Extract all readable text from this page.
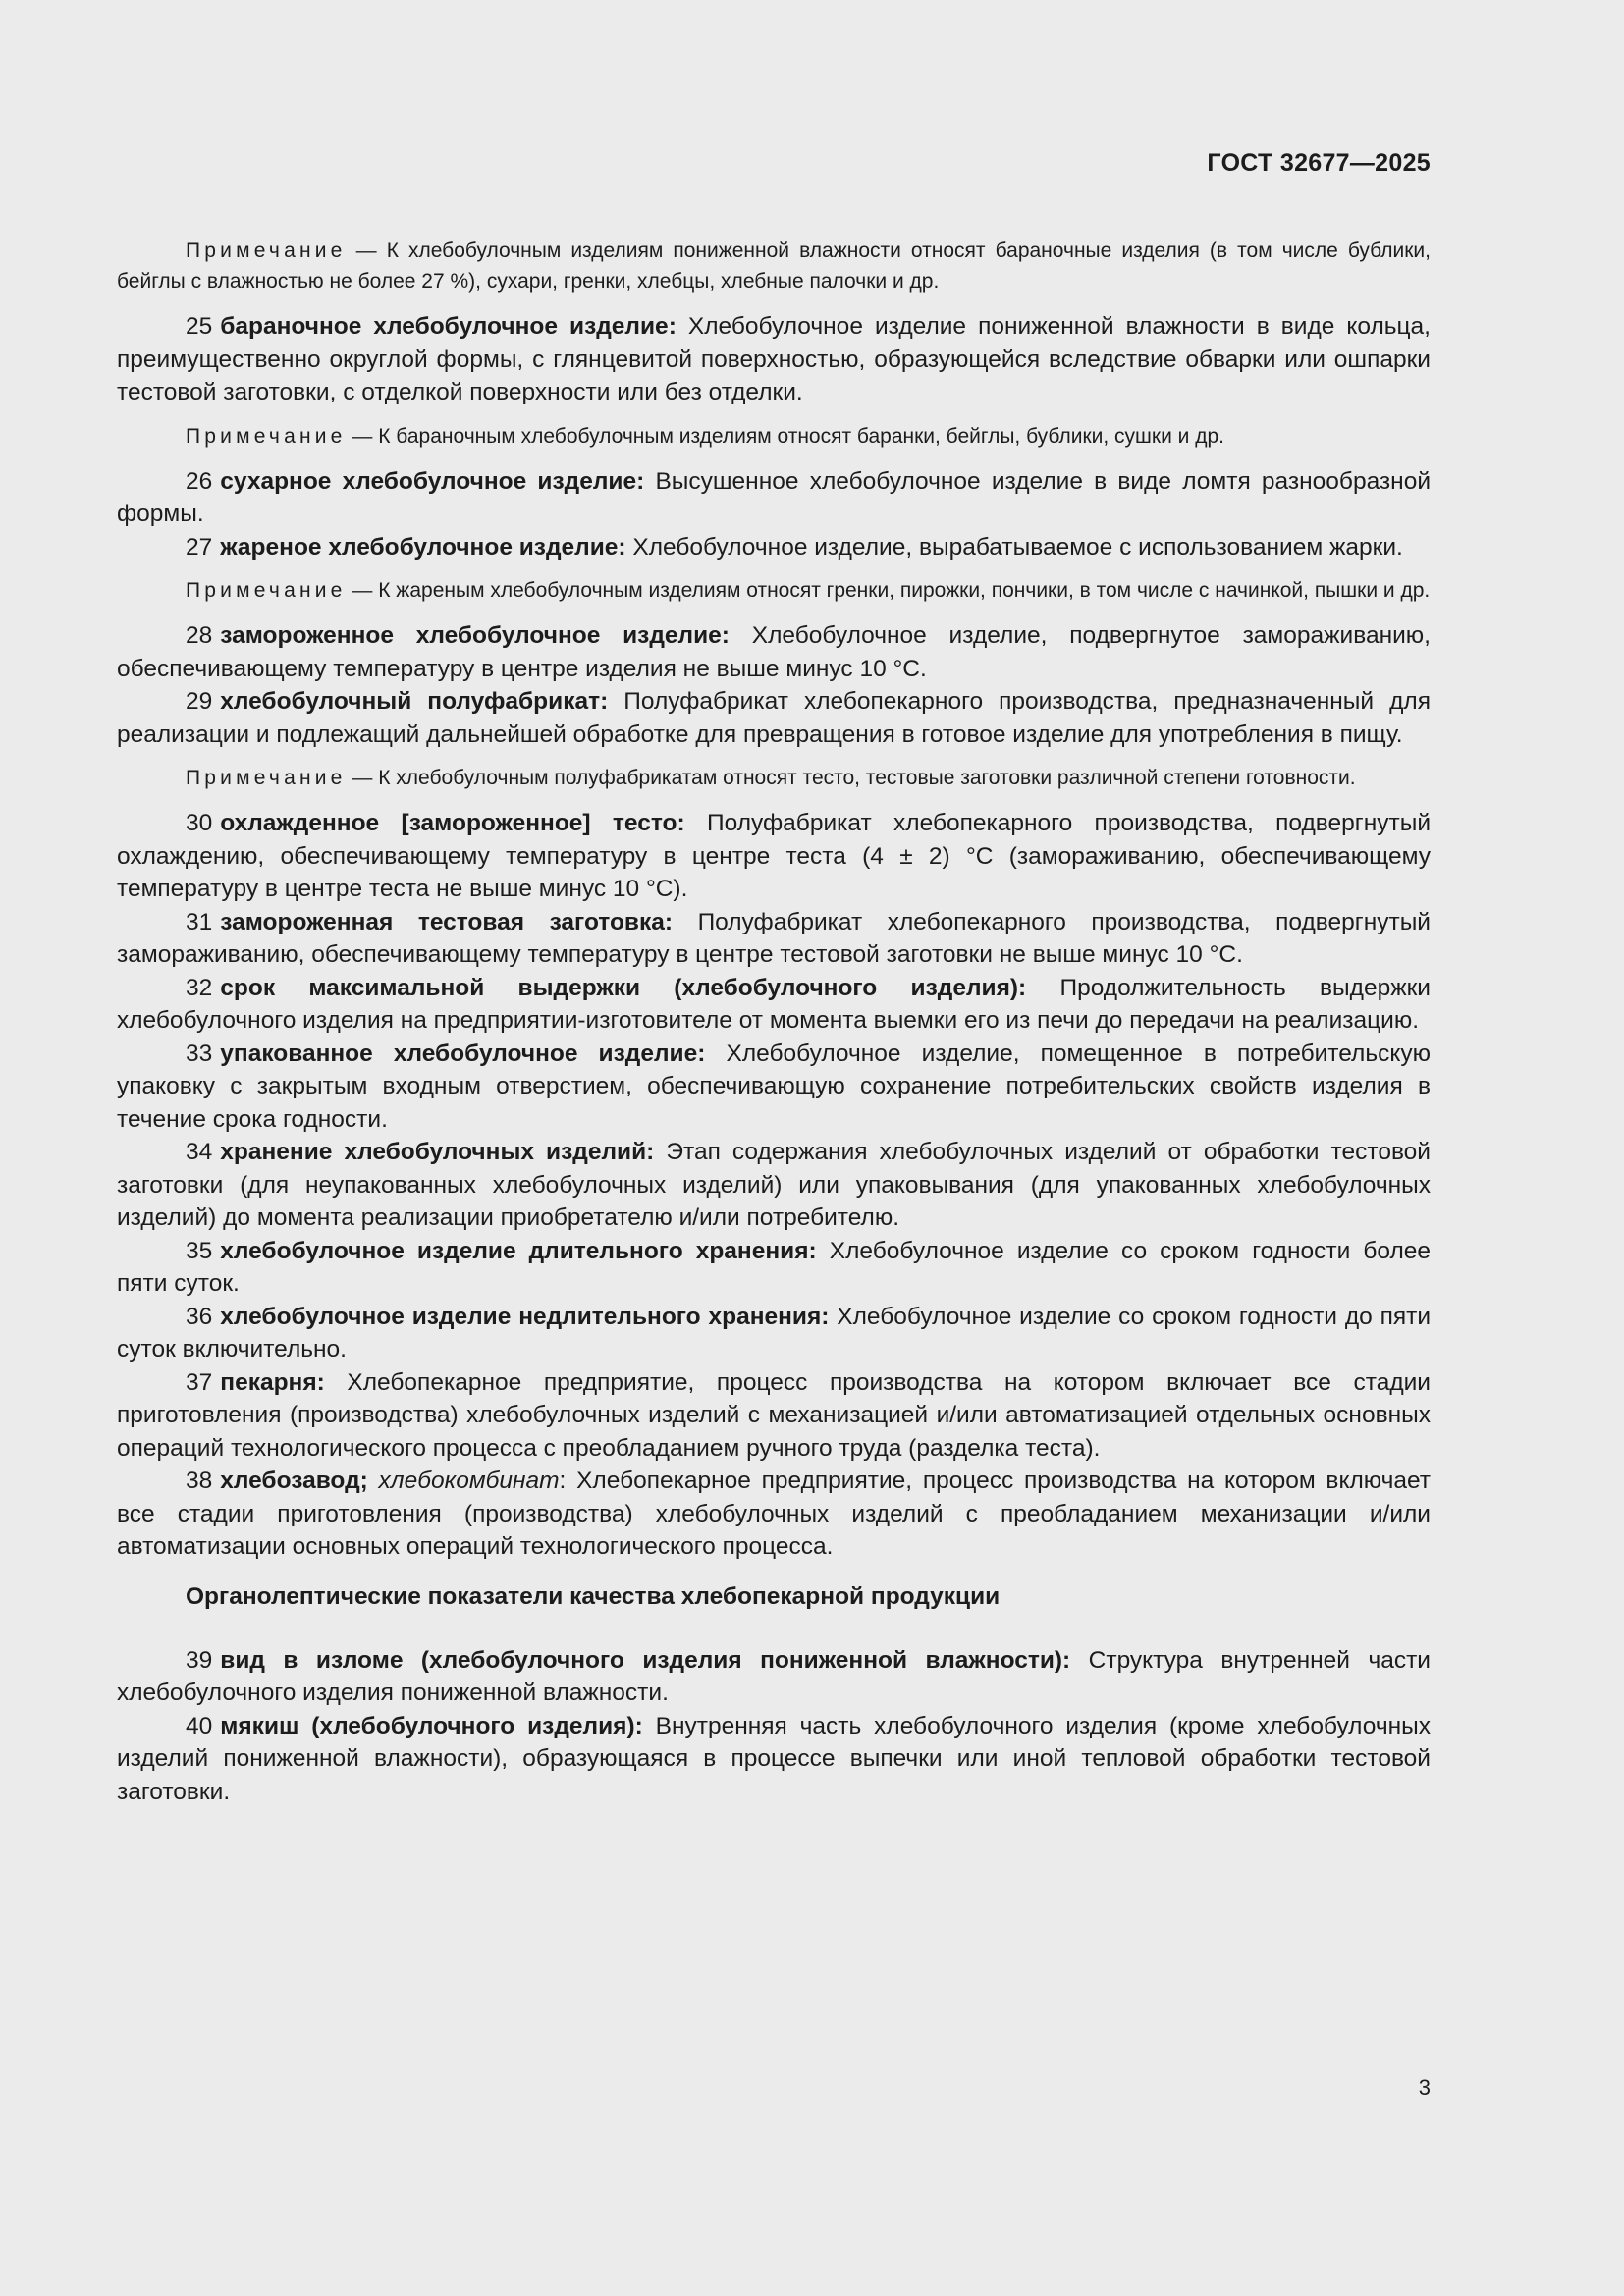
ГОСТ 32677—2025

Примечание — К хлебобулочным изделиям пониженной влажности относят бараночные изделия (в том числе бублики, бейглы с влажностью не более 27 %), сухари, гренки, хлебцы, хлебные палочки и др.

25 бараночное хлебобулочное изделие: Хлебобулочное изделие пониженной влажности в виде кольца, преимущественно округлой формы, с глянцевитой поверхностью, образующейся вследствие обварки или ошпарки тестовой заготовки, с отделкой поверхности или без отделки.

Примечание — К бараночным хлебобулочным изделиям относят баранки, бейглы, бублики, сушки и др.

26 сухарное хлебобулочное изделие: Высушенное хлебобулочное изделие в виде ломтя разнообразной формы.

27 жареное хлебобулочное изделие: Хлебобулочное изделие, вырабатываемое с использованием жарки.

Примечание — К жареным хлебобулочным изделиям относят гренки, пирожки, пончики, в том числе с начинкой, пышки и др.

28 замороженное хлебобулочное изделие: Хлебобулочное изделие, подвергнутое замораживанию, обеспечивающему температуру в центре изделия не выше минус 10 °С.

29 хлебобулочный полуфабрикат: Полуфабрикат хлебопекарного производства, предназначенный для реализации и подлежащий дальнейшей обработке для превращения в готовое изделие для употребления в пищу.

Примечание — К хлебобулочным полуфабрикатам относят тесто, тестовые заготовки различной степени готовности.

30 охлажденное [замороженное] тесто: Полуфабрикат хлебопекарного производства, подвергнутый охлаждению, обеспечивающему температуру в центре теста (4 ± 2) °С (замораживанию, обеспечивающему температуру в центре теста не выше минус 10 °С).

31 замороженная тестовая заготовка: Полуфабрикат хлебопекарного производства, подвергнутый замораживанию, обеспечивающему температуру в центре тестовой заготовки не выше минус 10 °С.

32 срок максимальной выдержки (хлебобулочного изделия): Продолжительность выдержки хлебобулочного изделия на предприятии-изготовителе от момента выемки его из печи до передачи на реализацию.

33 упакованное хлебобулочное изделие: Хлебобулочное изделие, помещенное в потребительскую упаковку с закрытым входным отверстием, обеспечивающую сохранение потребительских свойств изделия в течение срока годности.

34 хранение хлебобулочных изделий: Этап содержания хлебобулочных изделий от обработки тестовой заготовки (для неупакованных хлебобулочных изделий) или упаковывания (для упакованных хлебобулочных изделий) до момента реализации приобретателю и/или потребителю.

35 хлебобулочное изделие длительного хранения: Хлебобулочное изделие со сроком годности более пяти суток.

36 хлебобулочное изделие недлительного хранения: Хлебобулочное изделие со сроком годности до пяти суток включительно.

37 пекарня: Хлебопекарное предприятие, процесс производства на котором включает все стадии приготовления (производства) хлебобулочных изделий с механизацией и/или автоматизацией отдельных основных операций технологического процесса с преобладанием ручного труда (разделка теста).

38 хлебозавод; хлебокомбинат: Хлебопекарное предприятие, процесс производства на котором включает все стадии приготовления (производства) хлебобулочных изделий с преобладанием механизации и/или автоматизации основных операций технологического процесса.

Органолептические показатели качества хлебопекарной продукции

39 вид в изломе (хлебобулочного изделия пониженной влажности): Структура внутренней части хлебобулочного изделия пониженной влажности.

40 мякиш (хлебобулочного изделия): Внутренняя часть хлебобулочного изделия (кроме хлебобулочных изделий пониженной влажности), образующаяся в процессе выпечки или иной тепловой обработки тестовой заготовки.

3
